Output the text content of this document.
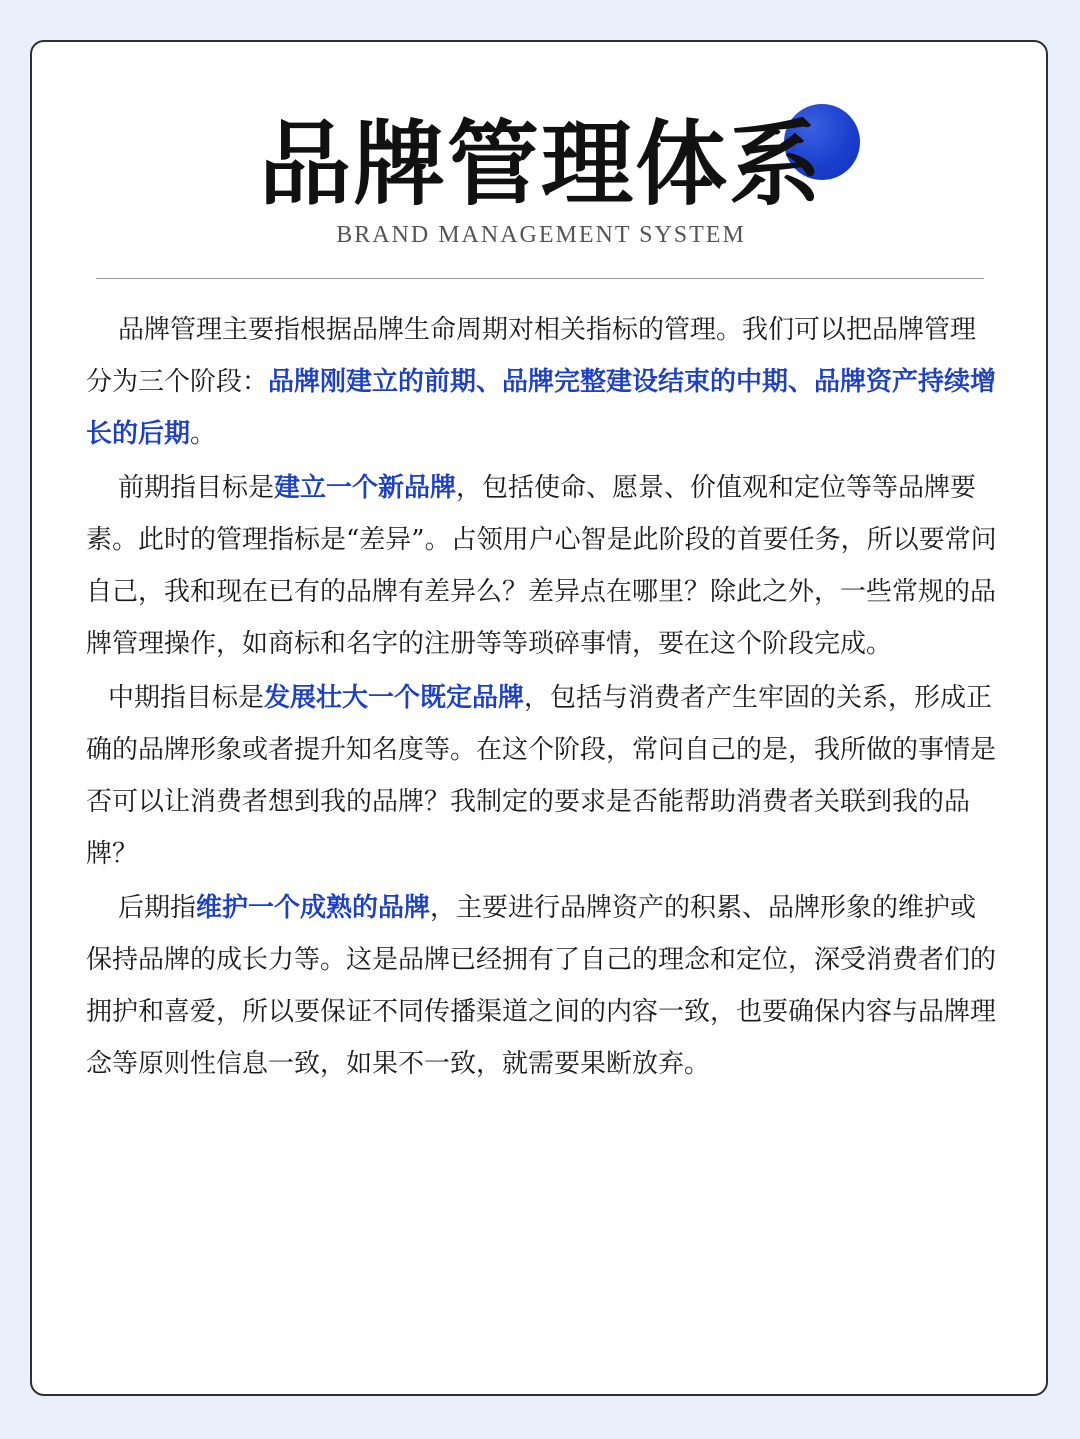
品牌管理体系
BRAND MANAGEMENT SYSTEM

品牌管理主要指根据品牌生命周期对相关指标的管理。我们可以把品牌管理分为三个阶段：品牌刚建立的前期、品牌完整建设结束的中期、品牌资产持续增长的后期。

前期指目标是建立一个新品牌，包括使命、愿景、价值观和定位等等品牌要素。此时的管理指标是“差异”。占领用户心智是此阶段的首要任务，所以要常问自己，我和现在已有的品牌有差异么？差异点在哪里？除此之外，一些常规的品牌管理操作，如商标和名字的注册等等琐碎事情，要在这个阶段完成。

中期指目标是发展壮大一个既定品牌，包括与消费者产生牢固的关系，形成正确的品牌形象或者提升知名度等。在这个阶段，常问自己的是，我所做的事情是否可以让消费者想到我的品牌？我制定的要求是否能帮助消费者关联到我的品牌？

后期指维护一个成熟的品牌，主要进行品牌资产的积累、品牌形象的维护或保持品牌的成长力等。这是品牌已经拥有了自己的理念和定位，深受消费者们的拥护和喜爱，所以要保证不同传播渠道之间的内容一致，也要确保内容与品牌理念等原则性信息一致，如果不一致，就需要果断放弃。
